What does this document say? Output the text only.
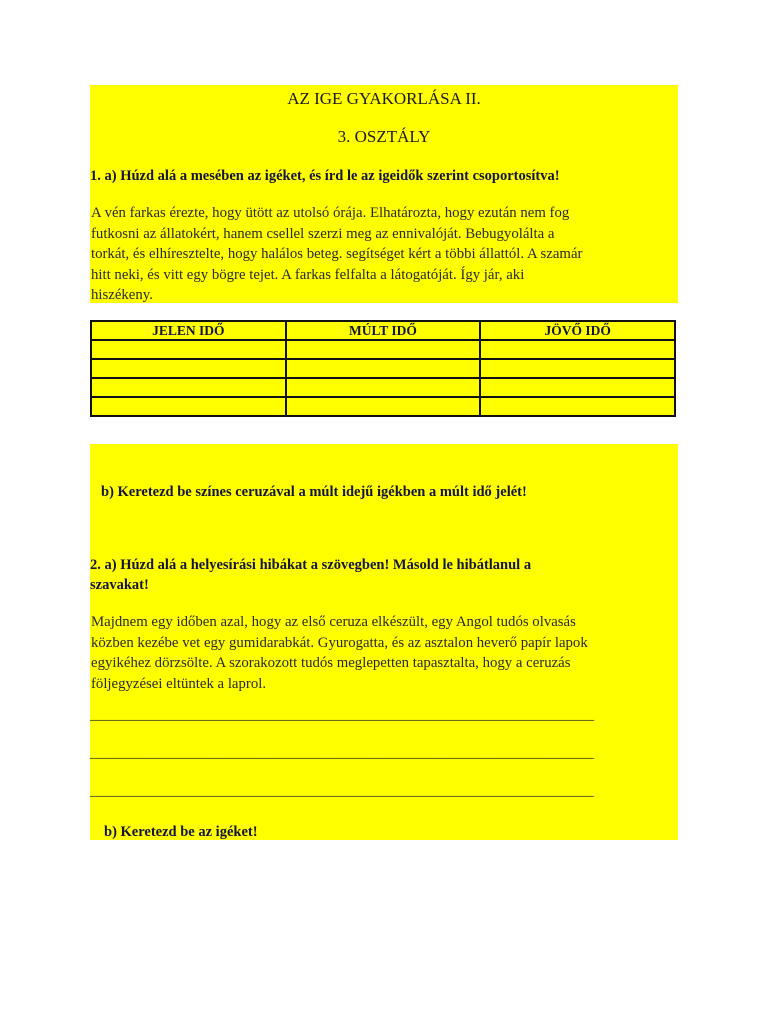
AZ IGE GYAKORLÁSA II.
3. OSZTÁLY
1. a) Húzd alá a mesében az igéket, és írd le az igeidők szerint csoportosítva!
A vén farkas érezte, hogy ütött az utolsó órája. Elhatározta, hogy ezután nem fog
futkosni az állatokért, hanem csellel szerzi meg az ennivalóját. Bebugyolálta a
torkát, és elhíresztelte, hogy halálos beteg. segítséget kért a többi állattól. A szamár
hitt neki, és vitt egy bögre tejet. A farkas felfalta a látogatóját. Így jár, aki
hiszékeny.
JELEN IDŐ	MÚLT IDŐ	JÖVŐ IDŐ

b) Keretezd be színes ceruzával a múlt idejű igékben a múlt idő jelét!
2. a) Húzd alá a helyesírási hibákat a szövegben! Másold le hibátlanul a
szavakat!
Majdnem egy időben azal, hogy az első ceruza elkészült, egy Angol tudós olvasás
közben kezébe vet egy gumidarabkát. Gyurogatta, és az asztalon heverő papír lapok
egyikéhez dörzsölte. A szorakozott tudós meglepetten tapasztalta, hogy a ceruzás
följegyzései eltüntek a laprol.
________________________________________________________________________
________________________________________________________________________
________________________________________________________________________
b) Keretezd be az igéket!
